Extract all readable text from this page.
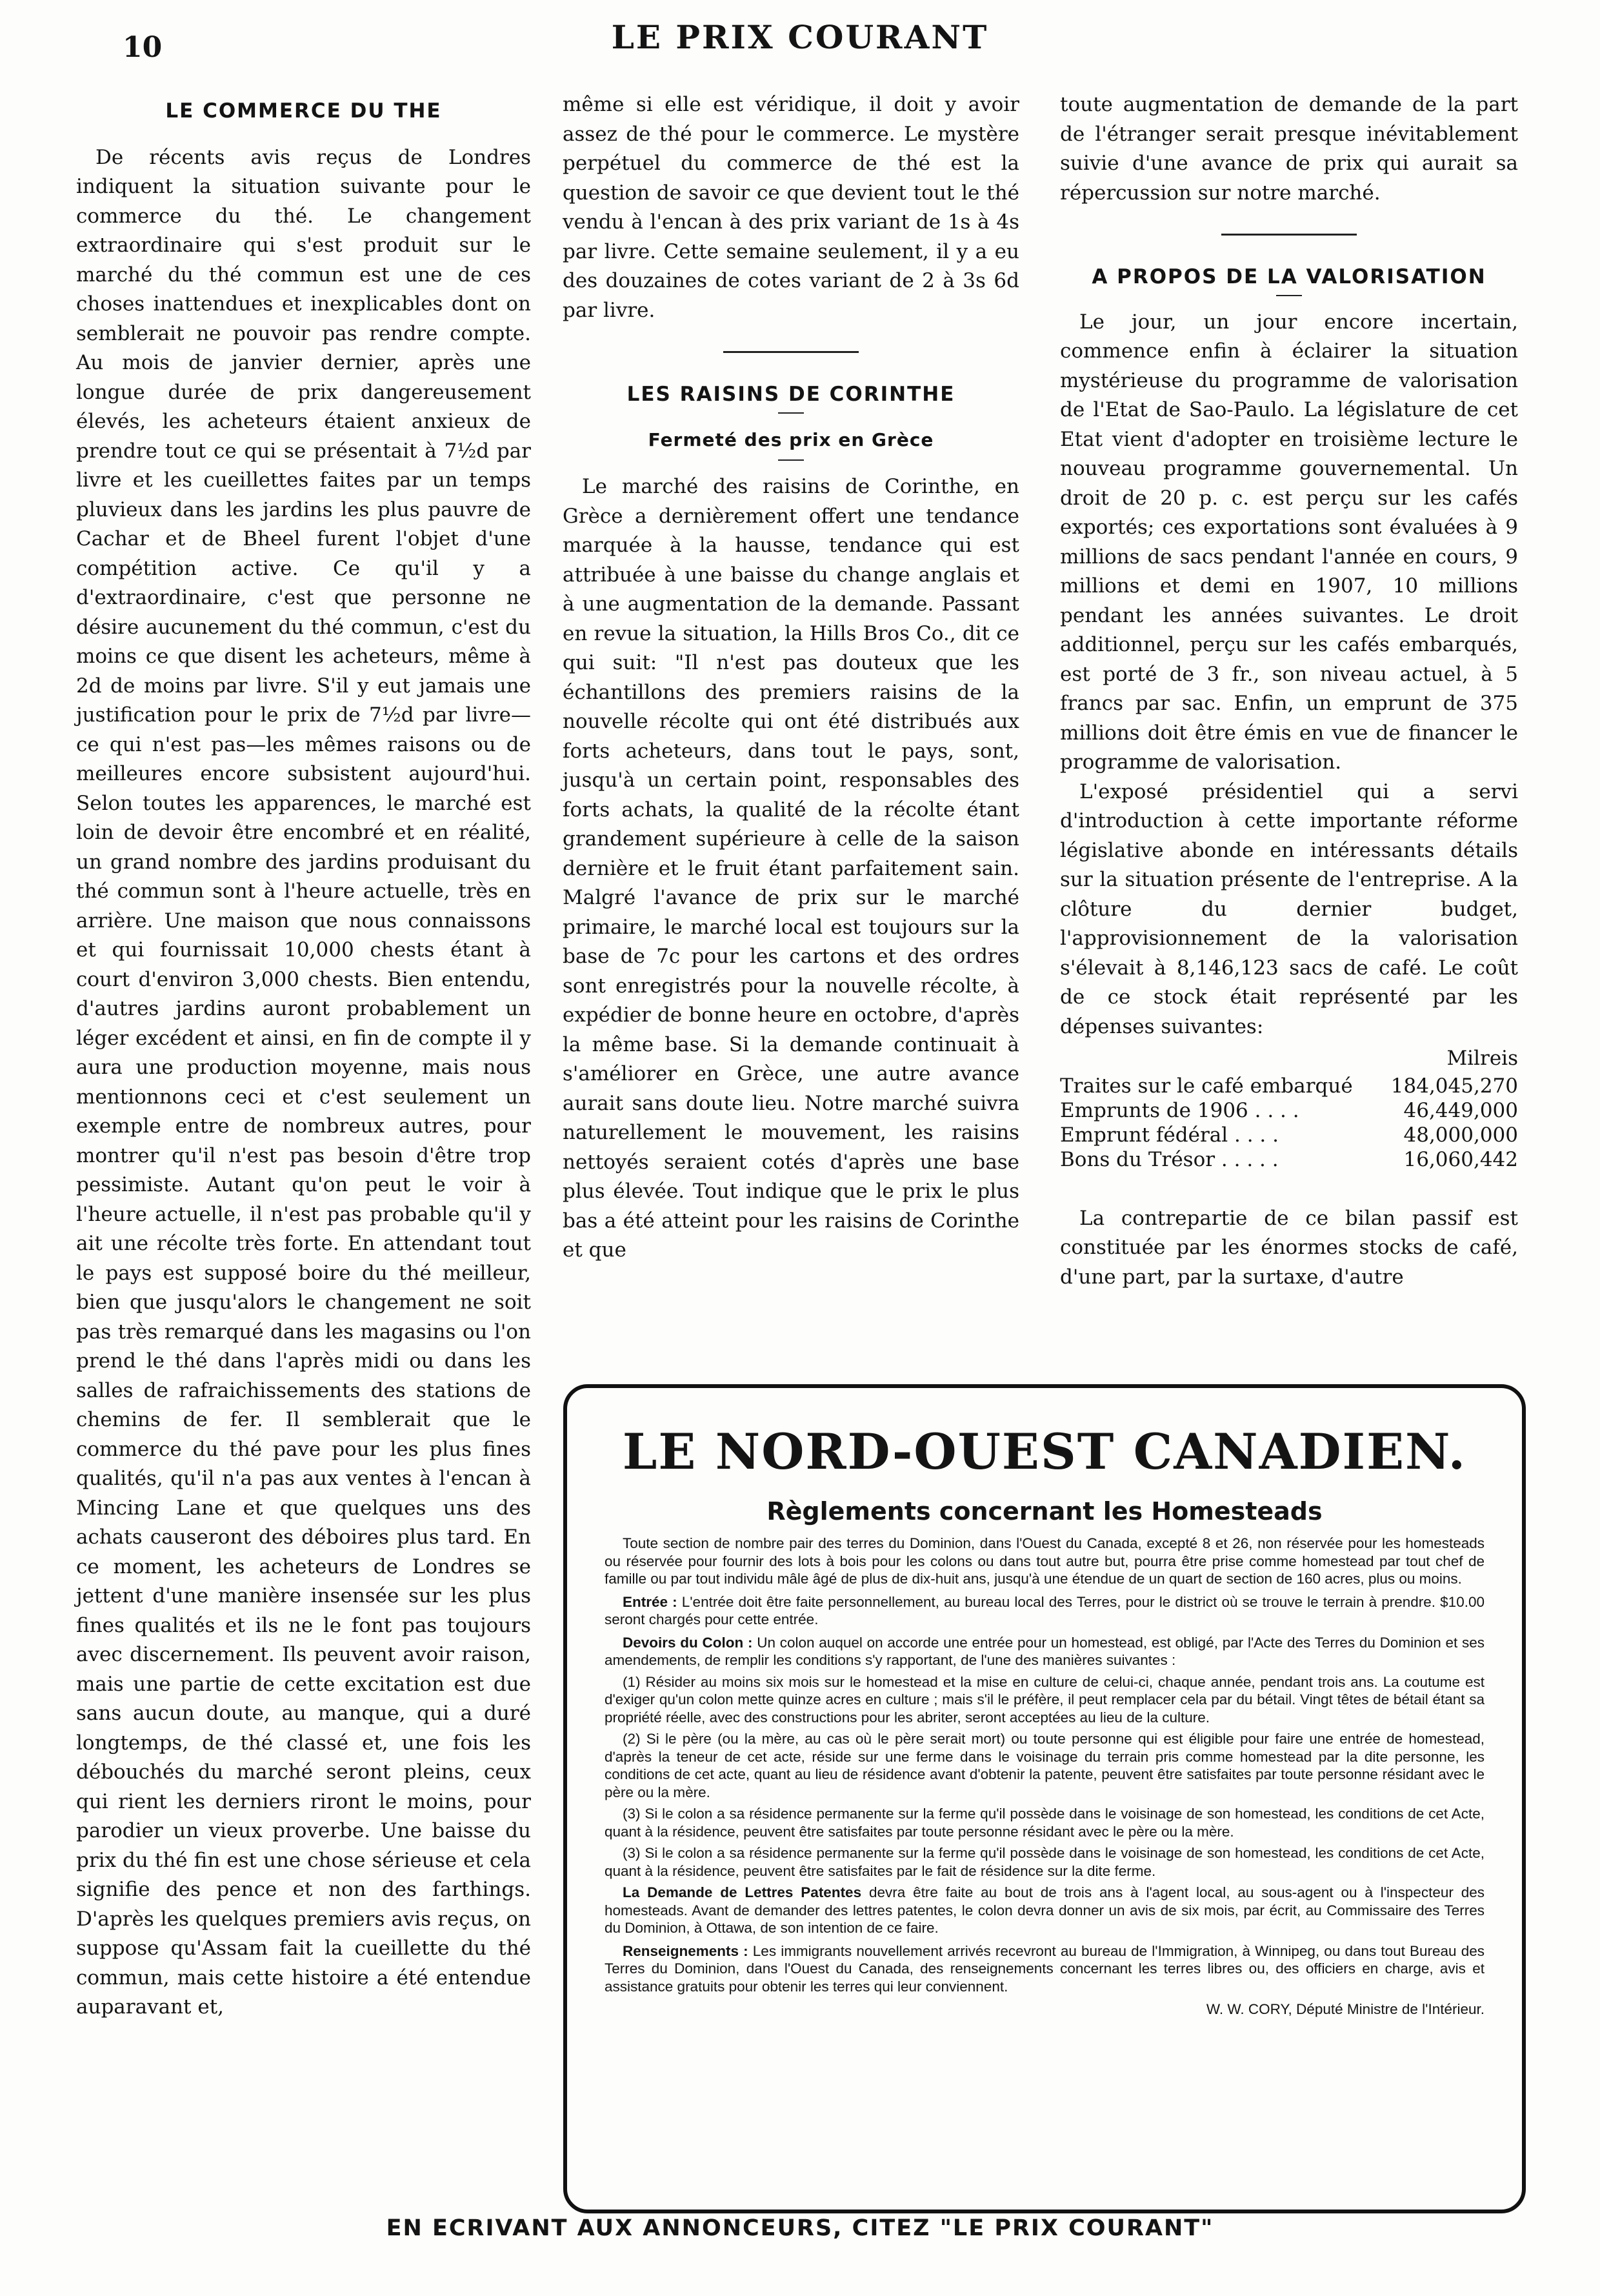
10	LE PRIX COURANT
LE COMMERCE DU THE

De récents avis reçus de Londres indiquent la situation suivante pour le commerce du thé. Le changement extraordinaire qui s'est produit sur le marché du thé commun est une de ces choses inattendues et inexplicables dont on semblerait ne pouvoir pas rendre compte. Au mois de janvier dernier, après une longue durée de prix dangereusement élevés, les acheteurs étaient anxieux de prendre tout ce qui se présentait à 7½d par livre et les cueillettes faites par un temps pluvieux dans les jardins les plus pauvre de Cachar et de Bheel furent l'objet d'une compétition active. Ce qu'il y a d'extraordinaire, c'est que personne ne désire aucunement du thé commun, c'est du moins ce que disent les acheteurs, même à 2d de moins par livre. S'il y eut jamais une justification pour le prix de 7½d par livre—ce qui n'est pas—les mêmes raisons ou de meilleures encore subsistent aujourd'hui. Selon toutes les apparences, le marché est loin de devoir être encombré et en réalité, un grand nombre des jardins produisant du thé commun sont à l'heure actuelle, très en arrière. Une maison que nous connaissons et qui fournissait 10,000 chests étant à court d'environ 3,000 chests. Bien entendu, d'autres jardins auront probablement un léger excédent et ainsi, en fin de compte il y aura une production moyenne, mais nous mentionnons ceci et c'est seulement un exemple entre de nombreux autres, pour montrer qu'il n'est pas besoin d'être trop pessimiste. Autant qu'on peut le voir à l'heure actuelle, il n'est pas probable qu'il y ait une récolte très forte. En attendant tout le pays est supposé boire du thé meilleur, bien que jusqu'alors le changement ne soit pas très remarqué dans les magasins ou l'on prend le thé dans l'après midi ou dans les salles de rafraichissements des stations de chemins de fer. Il semblerait que le commerce du thé pave pour les plus fines qualités, qu'il n'a pas aux ventes à l'encan à Mincing Lane et que quelques uns des achats causeront des déboires plus tard. En ce moment, les acheteurs de Londres se jettent d'une manière insensée sur les plus fines qualités et ils ne le font pas toujours avec discernement. Ils peuvent avoir raison, mais une partie de cette excitation est due sans aucun doute, au manque, qui a duré longtemps, de thé classé et, une fois les débouchés du marché seront pleins, ceux qui rient les derniers riront le moins, pour parodier un vieux proverbe. Une baisse du prix du thé fin est une chose sérieuse et cela signifie des pence et non des farthings. D'après les quelques premiers avis reçus, on suppose qu'Assam fait la cueillette du thé commun, mais cette histoire a été entendue auparavant et,

même si elle est véridique, il doit y avoir assez de thé pour le commerce. Le mystère perpétuel du commerce de thé est la question de savoir ce que devient tout le thé vendu à l'encan à des prix variant de 1s à 4s par livre. Cette semaine seulement, il y a eu des douzaines de cotes variant de 2 à 3s 6d par livre.

LES RAISINS DE CORINTHE
Fermeté des prix en Grèce

Le marché des raisins de Corinthe, en Grèce a dernièrement offert une tendance marquée à la hausse, tendance qui est attribuée à une baisse du change anglais et à une augmentation de la demande. Passant en revue la situation, la Hills Bros Co., dit ce qui suit: "Il n'est pas douteux que les échantillons des premiers raisins de la nouvelle récolte qui ont été distribués aux forts acheteurs, dans tout le pays, sont, jusqu'à un certain point, responsables des forts achats, la qualité de la récolte étant grandement supérieure à celle de la saison dernière et le fruit étant parfaitement sain. Malgré l'avance de prix sur le marché primaire, le marché local est toujours sur la base de 7c pour les cartons et des ordres sont enregistrés pour la nouvelle récolte, à expédier de bonne heure en octobre, d'après la même base. Si la demande continuait à s'améliorer en Grèce, une autre avance aurait sans doute lieu. Notre marché suivra naturellement le mouvement, les raisins nettoyés seraient cotés d'après une base plus élevée. Tout indique que le prix le plus bas a été atteint pour les raisins de Corinthe et que

toute augmentation de demande de la part de l'étranger serait presque inévitablement suivie d'une avance de prix qui aurait sa répercussion sur notre marché.

A PROPOS DE LA VALORISATION

Le jour, un jour encore incertain, commence enfin à éclairer la situation mystérieuse du programme de valorisation de l'Etat de Sao-Paulo. La législature de cet Etat vient d'adopter en troisième lecture le nouveau programme gouvernemental. Un droit de 20 p. c. est perçu sur les cafés exportés; ces exportations sont évaluées à 9 millions de sacs pendant l'année en cours, 9 millions et demi en 1907, 10 millions pendant les années suivantes. Le droit additionnel, perçu sur les cafés embarqués, est porté de 3 fr., son niveau actuel, à 5 francs par sac. Enfin, un emprunt de 375 millions doit être émis en vue de financer le programme de valorisation.

L'exposé présidentiel qui a servi d'introduction à cette importante réforme législative abonde en intéressants détails sur la situation présente de l'entreprise. A la clôture du dernier budget, l'approvisionnement de la valorisation s'élevait à 8,146,123 sacs de café. Le coût de ce stock était représenté par les dépenses suivantes:

Milreis
Traites sur le café embarqué	184,045,270
Emprunts de 1906 . . . .	46,449,000
Emprunt fédéral . . . .	48,000,000
Bons du Trésor . . . . .	16,060,442

La contrepartie de ce bilan passif est constituée par les énormes stocks de café, d'une part, par la surtaxe, d'autre

LE NORD-OUEST CANADIEN.
Règlements concernant les Homesteads

Toute section de nombre pair des terres du Dominion, dans l'Ouest du Canada, excepté 8 et 26, non réservée pour les homesteads ou réservée pour fournir des lots à bois pour les colons ou dans tout autre but, pourra être prise comme homestead par tout chef de famille ou par tout individu mâle âgé de plus de dix-huit ans, jusqu'à une étendue de un quart de section de 160 acres, plus ou moins.

Entrée : L'entrée doit être faite personnellement, au bureau local des Terres, pour le district où se trouve le terrain à prendre. $10.00 seront chargés pour cette entrée.

Devoirs du Colon : Un colon auquel on accorde une entrée pour un homestead, est obligé, par l'Acte des Terres du Dominion et ses amendements, de remplir les conditions s'y rapportant, de l'une des manières suivantes :

(1) Résider au moins six mois sur le homestead et la mise en culture de celui-ci, chaque année, pendant trois ans. La coutume est d'exiger qu'un colon mette quinze acres en culture ; mais s'il le préfère, il peut remplacer cela par du bétail. Vingt têtes de bétail étant sa propriété réelle, avec des constructions pour les abriter, seront acceptées au lieu de la culture.

(2) Si le père (ou la mère, au cas où le père serait mort) ou toute personne qui est éligible pour faire une entrée de homestead, d'après la teneur de cet acte, réside sur une ferme dans le voisinage du terrain pris comme homestead par la dite personne, les conditions de cet acte, quant au lieu de résidence avant d'obtenir la patente, peuvent être satisfaites par toute personne résidant avec le père ou la mère.

(3) Si le colon a sa résidence permanente sur la ferme qu'il possède dans le voisinage de son homestead, les conditions de cet Acte, quant à la résidence, peuvent être satisfaites par toute personne résidant avec le père ou la mère.

(3) Si le colon a sa résidence permanente sur la ferme qu'il possède dans le voisinage de son homestead, les conditions de cet Acte, quant à la résidence, peuvent être satisfaites par le fait de résidence sur la dite ferme.

La Demande de Lettres Patentes devra être faite au bout de trois ans à l'agent local, au sous-agent ou à l'inspecteur des homesteads. Avant de demander des lettres patentes, le colon devra donner un avis de six mois, par écrit, au Commissaire des Terres du Dominion, à Ottawa, de son intention de ce faire.

Renseignements : Les immigrants nouvellement arrivés recevront au bureau de l'Immigration, à Winnipeg, ou dans tout Bureau des Terres du Dominion, dans l'Ouest du Canada, des renseignements concernant les terres libres ou, des officiers en charge, avis et assistance gratuits pour obtenir les terres qui leur conviennent.

W. W. CORY, Député Ministre de l'Intérieur.
EN ECRIVANT AUX ANNONCEURS, CITEZ "LE PRIX COURANT"
